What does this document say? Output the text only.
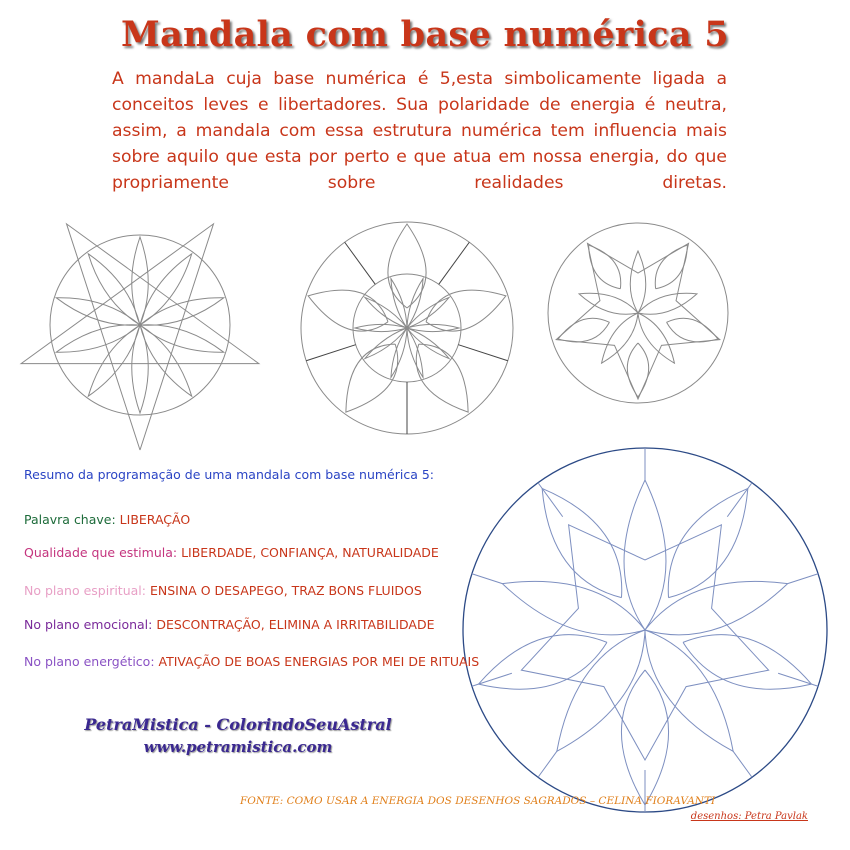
Mandala com base numérica 5

A mandaLa cuja base numérica é 5,esta simbolicamente ligada a conceitos leves e libertadores. Sua polaridade de energia é neutra, assim, a mandala com essa estrutura numérica tem influencia mais sobre aquilo que esta por perto e que atua em nossa energia, do que propriamente sobre realidades diretas.

Resumo da programação de uma mandala com base numérica 5:
Palavra chave: LIBERAÇÃO
Qualidade que estimula: LIBERDADE, CONFIANÇA, NATURALIDADE
No plano espiritual: ENSINA O DESAPEGO, TRAZ BONS FLUIDOS
No plano emocional: DESCONTRAÇÃO, ELIMINA A IRRITABILIDADE
No plano energético: ATIVAÇÃO DE BOAS ENERGIAS POR MEI DE RITUAIS
PetraMistica - ColorindoSeuAstral
www.petramistica.com
FONTE: COMO USAR A ENERGIA DOS DESENHOS SAGRADOS – CELINA FIORAVANTI
desenhos: Petra Pavlak
